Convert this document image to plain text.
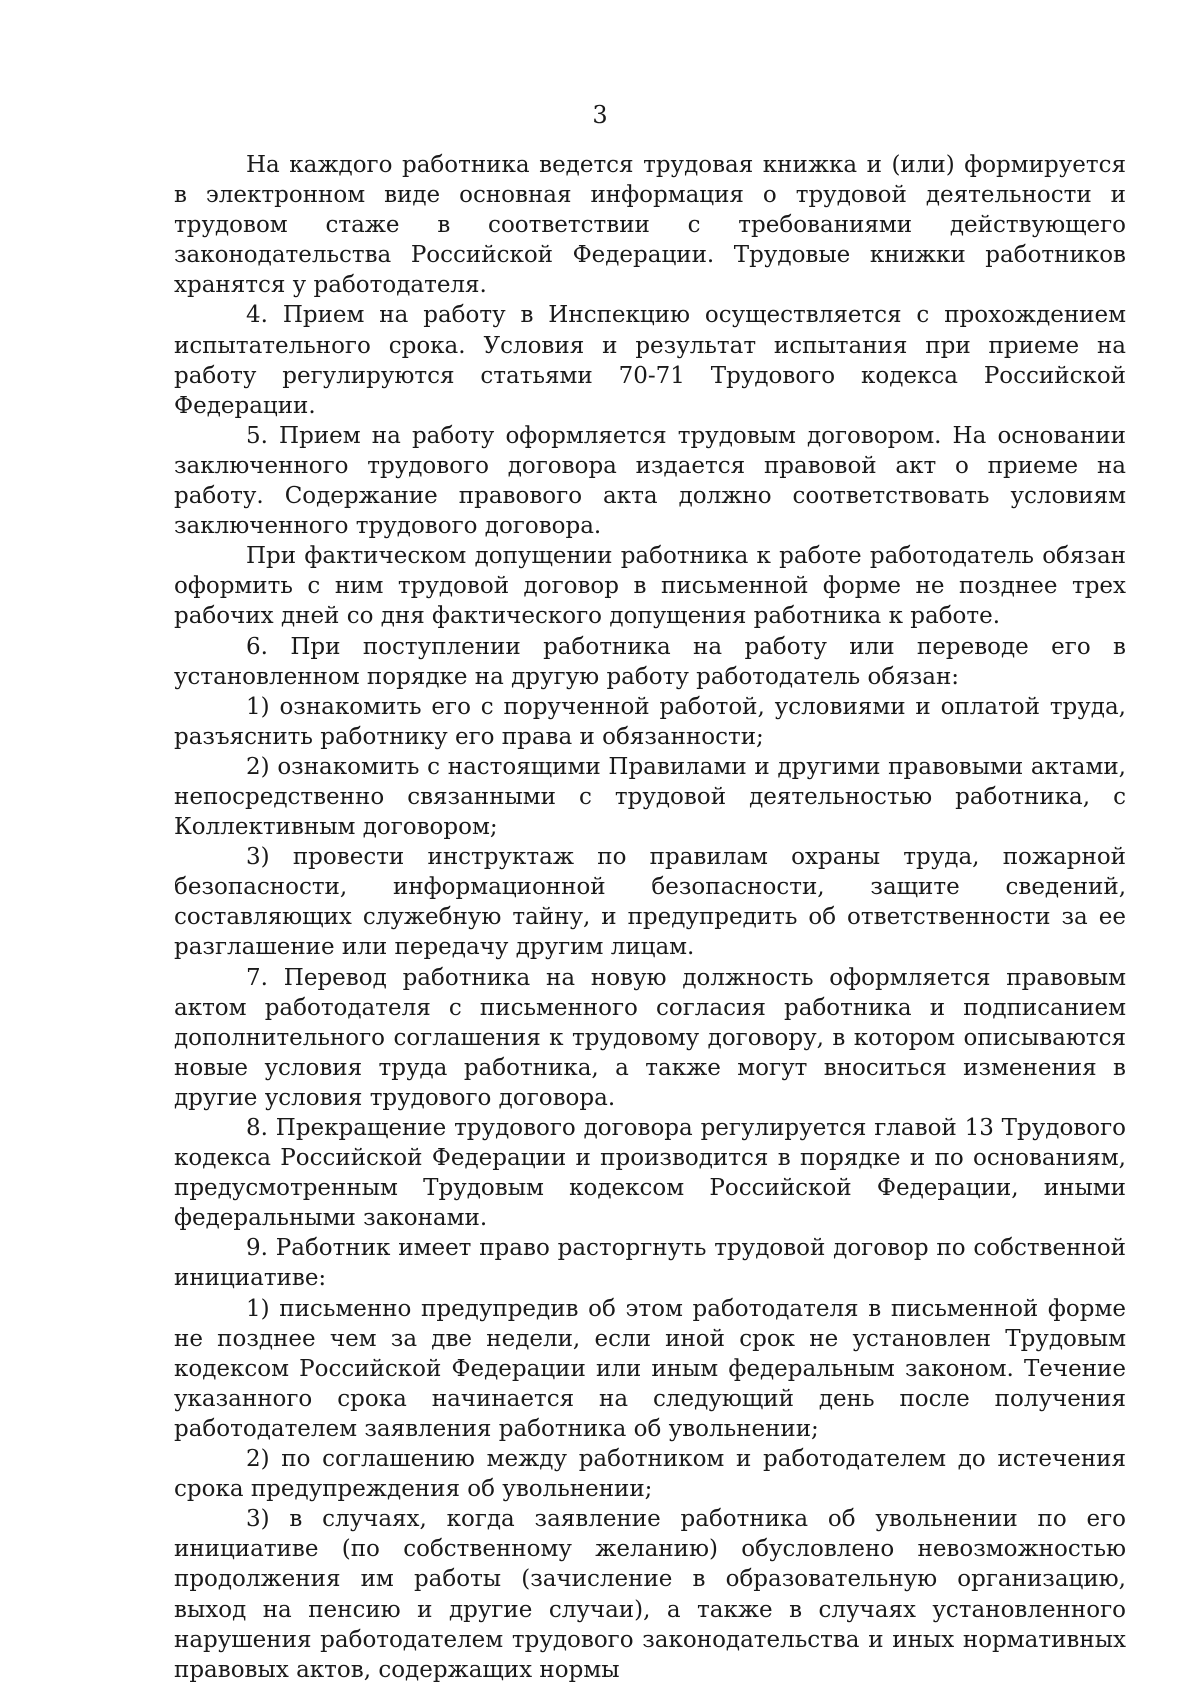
3

На каждого работника ведется трудовая книжка и (или) формируется в электронном виде основная информация о трудовой деятельности и трудовом стаже в соответствии с требованиями действующего законодательства Российской Федерации. Трудовые книжки работников хранятся у работодателя.

4. Прием на работу в Инспекцию осуществляется с прохождением испытательного срока. Условия и результат испытания при приеме на работу регулируются статьями 70-71 Трудового кодекса Российской Федерации.

5. Прием на работу оформляется трудовым договором. На основании заключенного трудового договора издается правовой акт о приеме на работу. Содержание правового акта должно соответствовать условиям заключенного трудового договора.

При фактическом допущении работника к работе работодатель обязан оформить с ним трудовой договор в письменной форме не позднее трех рабочих дней со дня фактического допущения работника к работе.

6. При поступлении работника на работу или переводе его в установленном порядке на другую работу работодатель обязан:

1) ознакомить его с порученной работой, условиями и оплатой труда, разъяснить работнику его права и обязанности;

2) ознакомить с настоящими Правилами и другими правовыми актами, непосредственно связанными с трудовой деятельностью работника, с Коллективным договором;

3) провести инструктаж по правилам охраны труда, пожарной безопасности, информационной безопасности, защите сведений, составляющих служебную тайну, и предупредить об ответственности за ее разглашение или передачу другим лицам.

7. Перевод работника на новую должность оформляется правовым актом работодателя с письменного согласия работника и подписанием дополнительного соглашения к трудовому договору, в котором описываются новые условия труда работника, а также могут вноситься изменения в другие условия трудового договора.

8. Прекращение трудового договора регулируется главой 13 Трудового кодекса Российской Федерации и производится в порядке и по основаниям, предусмотренным Трудовым кодексом Российской Федерации, иными федеральными законами.

9. Работник имеет право расторгнуть трудовой договор по собственной инициативе:

1) письменно предупредив об этом работодателя в письменной форме не позднее чем за две недели, если иной срок не установлен Трудовым кодексом Российской Федерации или иным федеральным законом. Течение указанного срока начинается на следующий день после получения работодателем заявления работника об увольнении;

2) по соглашению между работником и работодателем до истечения срока предупреждения об увольнении;

3) в случаях, когда заявление работника об увольнении по его инициативе (по собственному желанию) обусловлено невозможностью продолжения им работы (зачисление в образовательную организацию, выход на пенсию и другие случаи), а также в случаях установленного нарушения работодателем трудового законодательства и иных нормативных правовых актов, содержащих нормы
